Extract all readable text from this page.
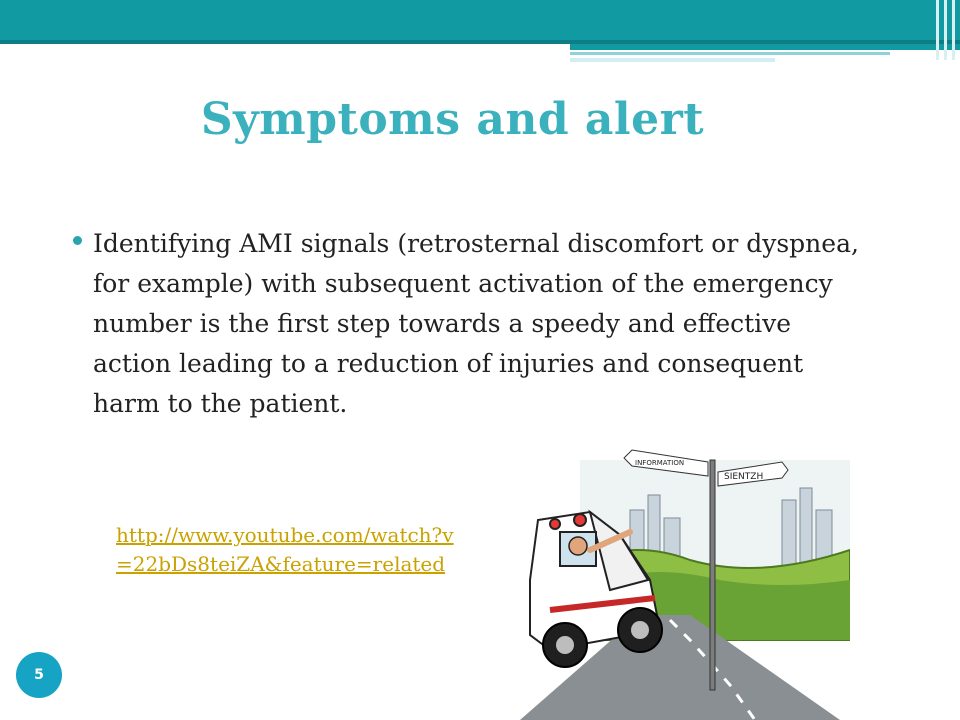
Symptoms and alert
Identifying AMI signals (retrosternal discomfort or dyspnea, for example) with subsequent activation of the emergency number is the first step towards a speedy and effective action leading to a reduction of injuries and consequent harm to the patient.
http://www.youtube.com/watch?v=22bDs8teiZA&feature=related
SIENTZH
INFORMATION
5
